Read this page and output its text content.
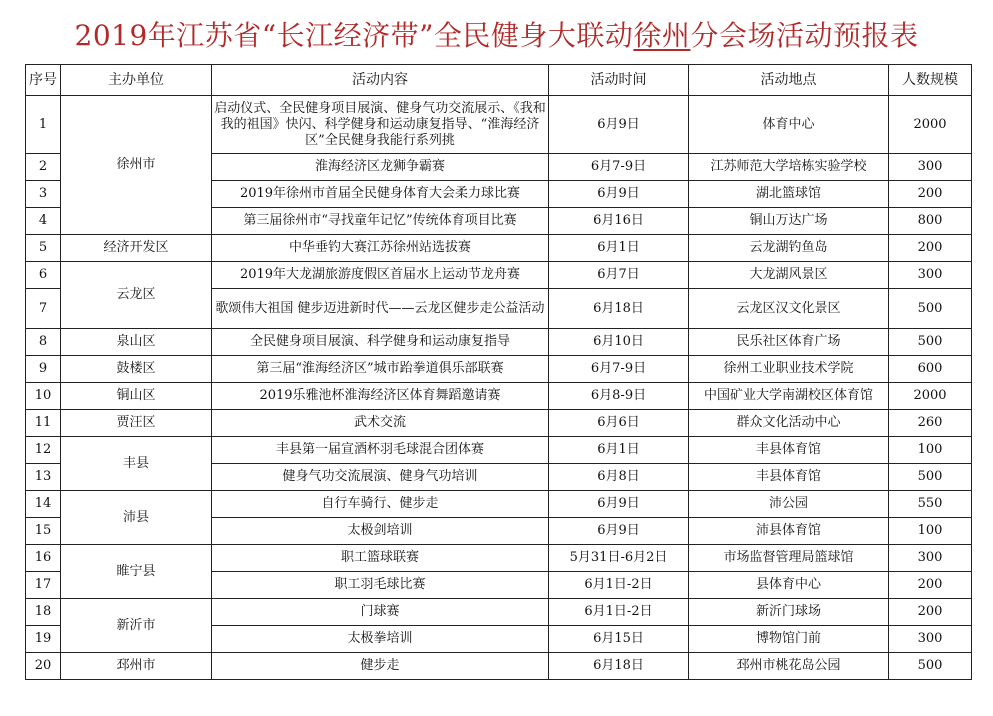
2019年江苏省“长江经济带”全民健身大联动徐州分会场活动预报表
序号	主办单位	活动内容	活动时间	活动地点	人数规模
1	徐州市	启动仪式、全民健身项目展演、健身气功交流展示、《我和我的祖国》快闪、科学健身和运动康复指导、“淮海经济区”全民健身我能行系列挑	6月9日	体育中心	2000
2		淮海经济区龙狮争霸赛	6月7-9日	江苏师范大学培栋实验学校	300
3		2019年徐州市首届全民健身体育大会柔力球比赛	6月9日	湖北篮球馆	200
4		第三届徐州市“寻找童年记忆”传统体育项目比赛	6月16日	铜山万达广场	800
5	经济开发区	中华垂钓大赛江苏徐州站选拔赛	6月1日	云龙湖钓鱼岛	200
6	云龙区	2019年大龙湖旅游度假区首届水上运动节龙舟赛	6月7日	大龙湖风景区	300
7		歌颂伟大祖国 健步迈进新时代——云龙区健步走公益活动	6月18日	云龙区汉文化景区	500
8	泉山区	全民健身项目展演、科学健身和运动康复指导	6月10日	民乐社区体育广场	500
9	鼓楼区	第三届“淮海经济区”城市跆拳道俱乐部联赛	6月7-9日	徐州工业职业技术学院	600
10	铜山区	2019乐雅池杯淮海经济区体育舞蹈邀请赛	6月8-9日	中国矿业大学南湖校区体育馆	2000
11	贾汪区	武术交流	6月6日	群众文化活动中心	260
12	丰县	丰县第一届宣酒杯羽毛球混合团体赛	6月1日	丰县体育馆	100
13		健身气功交流展演、健身气功培训	6月8日	丰县体育馆	500
14	沛县	自行车骑行、健步走	6月9日	沛公园	550
15		太极剑培训	6月9日	沛县体育馆	100
16	睢宁县	职工篮球联赛	5月31日-6月2日	市场监督管理局篮球馆	300
17		职工羽毛球比赛	6月1日-2日	县体育中心	200
18	新沂市	门球赛	6月1日-2日	新沂门球场	200
19		太极拳培训	6月15日	博物馆门前	300
20	邳州市	健步走	6月18日	邳州市桃花岛公园	500
